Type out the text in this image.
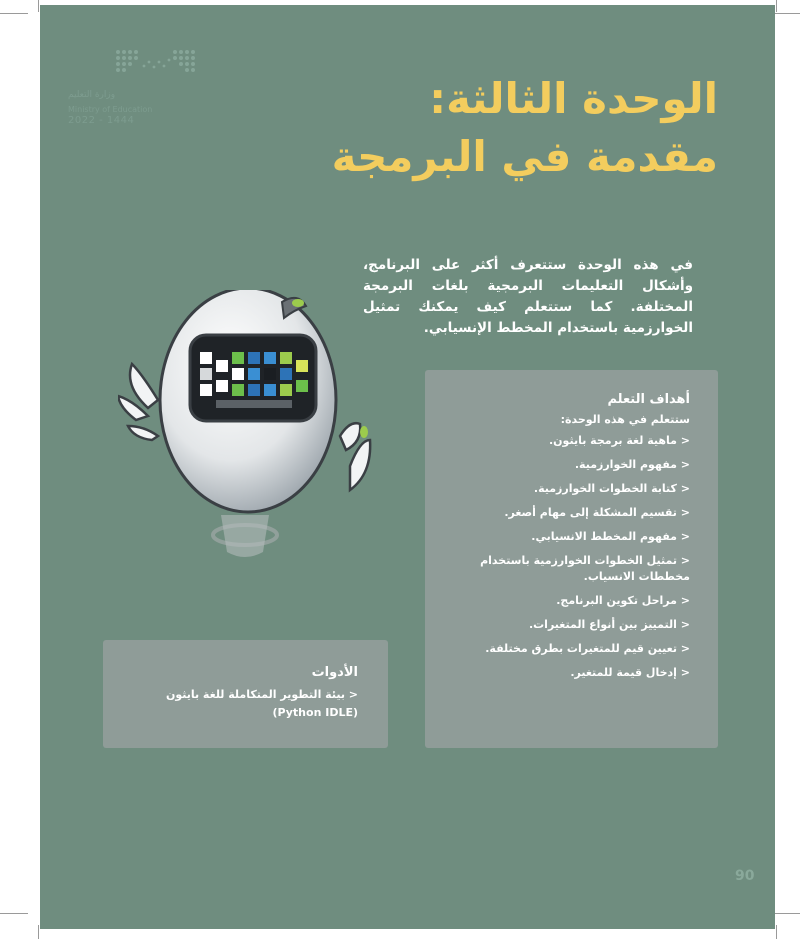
وزارة التعليم
Ministry of Education
2022 - 1444	الوحدة الثالثة:
مقدمة في البرمجة
في هذه الوحدة ستتعرف أكثر على البرنامج، وأشكال التعليمات البرمجية بلغات البرمجة المختلفة. كما ستتعلم كيف يمكنك تمثيل الخوارزمية باستخدام المخطط الإنسيابي.
أهداف التعلم
ستتعلم في هذه الوحدة:
< ماهية لغة برمجة بايثون.
< مفهوم الخوارزمية.
< كتابة الخطوات الخوارزمية.
< تقسيم المشكلة إلى مهام أصغر.
< مفهوم المخطط الانسيابي.
< تمثيل الخطوات الخوارزمية باستخدام مخططات الانسياب.
< مراحل تكوين البرنامج.
< التمييز بين أنواع المتغيرات.
< تعيين قيم للمتغيرات بطرق مختلفة.
< إدخال قيمة للمتغير.
الأدوات
< بيئة التطوير المتكاملة للغة بايثون
(Python IDLE)
90
